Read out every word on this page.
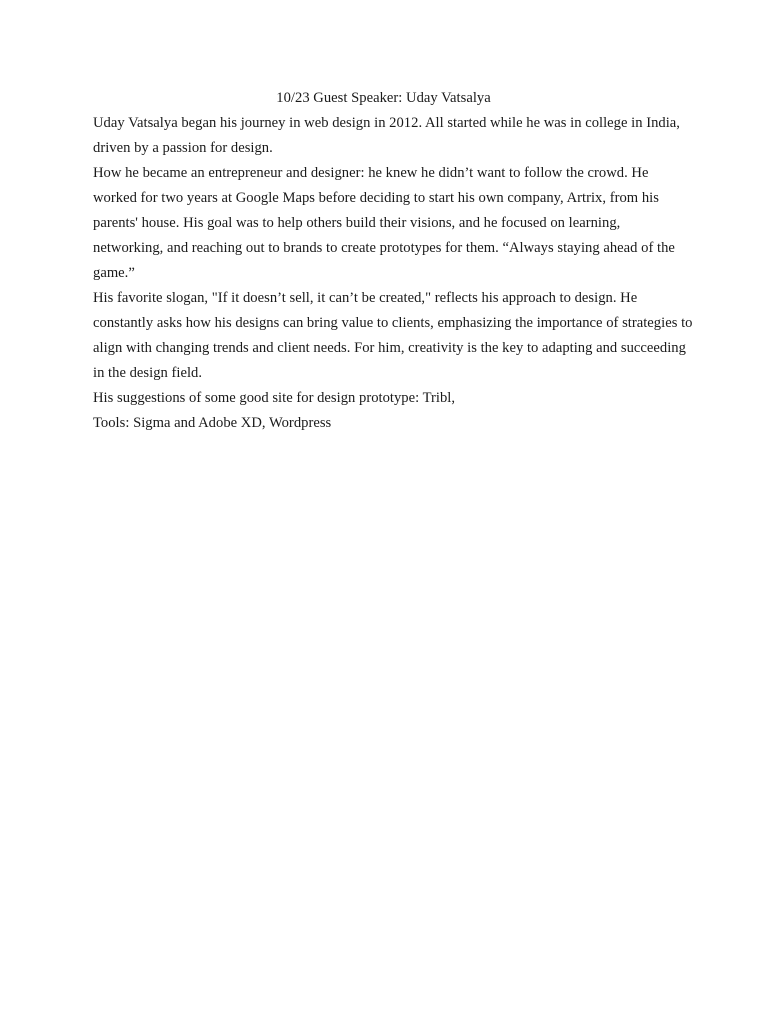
10/23 Guest Speaker: Uday Vatsalya

Uday Vatsalya began his journey in web design in 2012. All started while he was in college in India, driven by a passion for design.

How he became an entrepreneur and designer: he knew he didn’t want to follow the crowd. He worked for two years at Google Maps before deciding to start his own company, Artrix, from his parents' house. His goal was to help others build their visions, and he focused on learning, networking, and reaching out to brands to create prototypes for them. “Always staying ahead of the game.”

His favorite slogan, "If it doesn’t sell, it can’t be created," reflects his approach to design. He constantly asks how his designs can bring value to clients, emphasizing the importance of strategies to align with changing trends and client needs. For him, creativity is the key to adapting and succeeding in the design field.

His suggestions of some good site for design prototype: Tribl,

Tools: Sigma and Adobe XD, Wordpress
